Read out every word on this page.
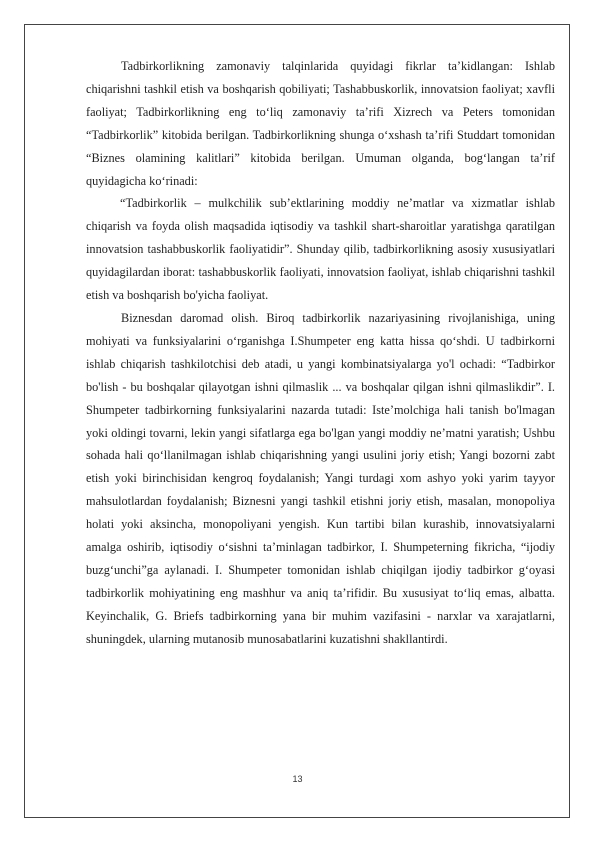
Tadbirkorlikning zamonaviy talqinlarida quyidagi fikrlar ta’kidlangan: Ishlab chiqarishni tashkil etish va boshqarish qobiliyati; Tashabbuskorlik, innovatsion faoliyat; xavfli faoliyat; Tadbirkorlikning eng to‘liq zamonaviy ta’rifi Xizrech va Peters tomonidan “Tadbirkorlik” kitobida berilgan. Tadbirkorlikning shunga o‘xshash ta’rifi Studdart tomonidan “Biznes olamining kalitlari” kitobida berilgan. Umuman olganda, bog‘langan ta’rif quyidagicha ko‘rinadi:

“Tadbirkorlik – mulkchilik sub’ektlarining moddiy ne’matlar va xizmatlar ishlab chiqarish va foyda olish maqsadida iqtisodiy va tashkil shart-sharoitlar yaratishga qaratilgan innovatsion tashabbuskorlik faoliyatidir”. Shunday qilib, tadbirkorlikning asosiy xususiyatlari quyidagilardan iborat: tashabbuskorlik faoliyati, innovatsion faoliyat, ishlab chiqarishni tashkil etish va boshqarish bo'yicha faoliyat.

Biznesdan daromad olish. Biroq tadbirkorlik nazariyasining rivojlanishiga, uning mohiyati va funksiyalarini o‘rganishga I.Shumpeter eng katta hissa qo‘shdi. U tadbirkorni ishlab chiqarish tashkilotchisi deb atadi, u yangi kombinatsiyalarga yo'l ochadi: “Tadbirkor bo'lish - bu boshqalar qilayotgan ishni qilmaslik ... va boshqalar qilgan ishni qilmaslikdir”. I. Shumpeter tadbirkorning funksiyalarini nazarda tutadi: Iste’molchiga hali tanish bo'lmagan yoki oldingi tovarni, lekin yangi sifatlarga ega bo'lgan yangi moddiy ne’matni yaratish; Ushbu sohada hali qo‘llanilmagan ishlab chiqarishning yangi usulini joriy etish; Yangi bozorni zabt etish yoki birinchisidan kengroq foydalanish; Yangi turdagi xom ashyo yoki yarim tayyor mahsulotlardan foydalanish; Biznesni yangi tashkil etishni joriy etish, masalan, monopoliya holati yoki aksincha, monopoliyani yengish. Kun tartibi bilan kurashib, innovatsiyalarni amalga oshirib, iqtisodiy o‘sishni ta’minlagan tadbirkor, I. Shumpeterning fikricha, “ijodiy buzg‘unchi”ga aylanadi. I. Shumpeter tomonidan ishlab chiqilgan ijodiy tadbirkor g‘oyasi tadbirkorlik mohiyatining eng mashhur va aniq ta’rifidir. Bu xususiyat to‘liq emas, albatta. Keyinchalik, G. Briefs tadbirkorning yana bir muhim vazifasini - narxlar va xarajatlarni, shuningdek, ularning mutanosib munosabatlarini kuzatishni shakllantirdi.

13
